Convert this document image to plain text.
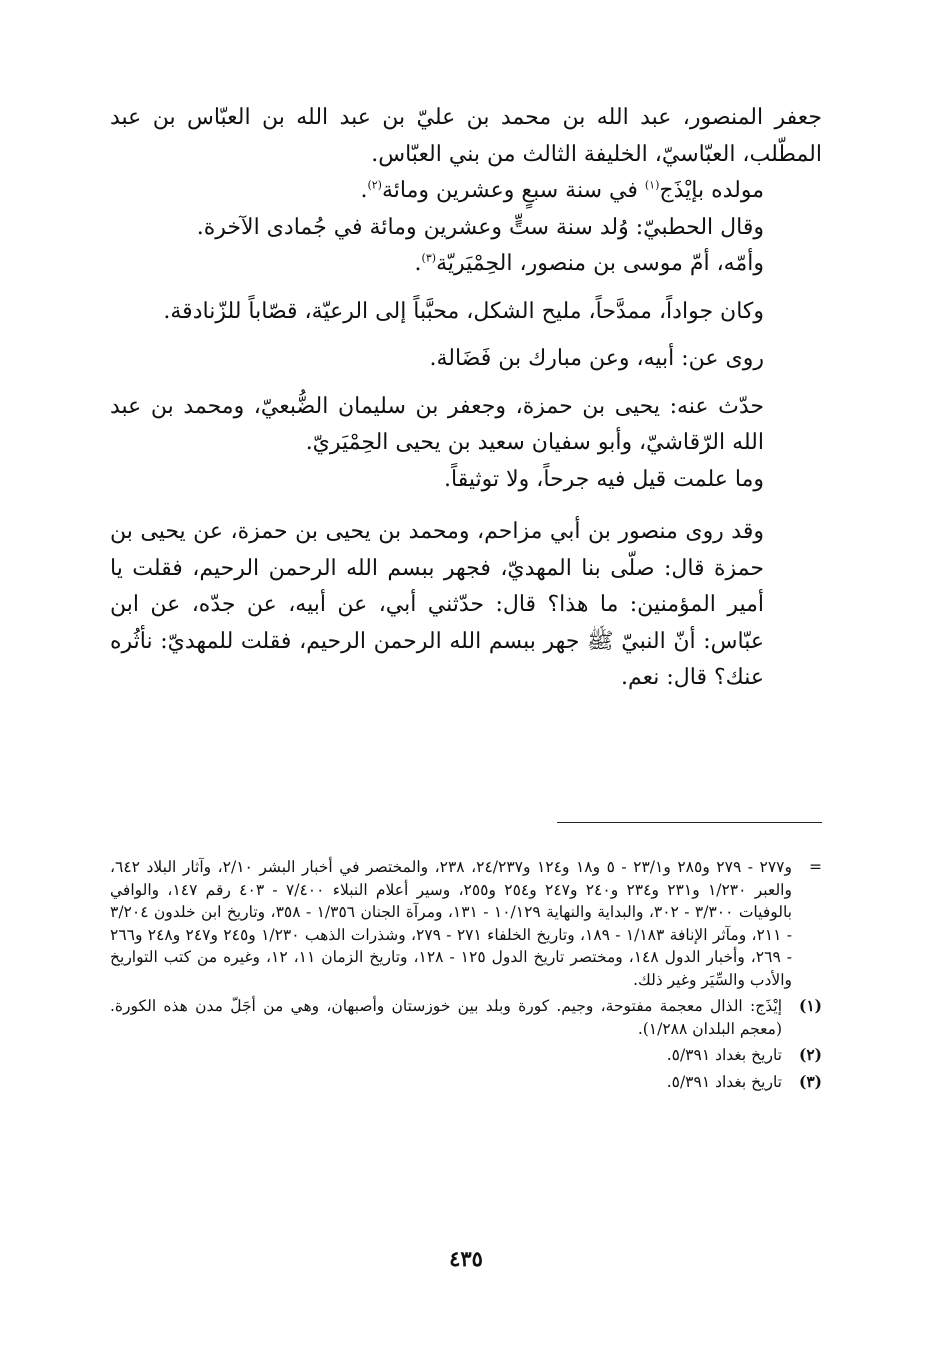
جعفر المنصور، عبد الله بن محمد بن عليّ بن عبد الله بن العبّاس بن عبد المطّلب، العبّاسيّ، الخليفة الثالث من بني العبّاس.

مولده بإيْذَج$^{(١)}$ في سنة سبعٍ وعشرين ومائة$^{(٢)}$.

وقال الحطبيّ: وُلد سنة ستٍّ وعشرين ومائة في جُمادى الآخرة.

وأمّه، أمّ موسى بن منصور، الحِمْيَريّة$^{(٣)}$.

وكان جواداً، ممدَّحاً، مليح الشكل، محبَّباً إلى الرعيّة، قصّاباً للزّنادقة.

روى عن: أبيه، وعن مبارك بن فَضَالة.

حدّث عنه: يحيى بن حمزة، وجعفر بن سليمان الضُّبعيّ، ومحمد بن عبد الله الرّقاشيّ، وأبو سفيان سعيد بن يحيى الحِمْيَريّ.

وما علمت قيل فيه جرحاً، ولا توثيقاً.

وقد روى منصور بن أبي مزاحم، ومحمد بن يحيى بن حمزة، عن يحيى بن حمزة قال: صلّى بنا المهديّ، فجهر ببسم الله الرحمن الرحيم، فقلت يا أمير المؤمنين: ما هذا؟ قال: حدّثني أبي، عن أبيه، عن جدّه، عن ابن عبّاس: أنّ النبيّ ﷺ جهر ببسم الله الرحمن الرحيم، فقلت للمهديّ: نأثُره عنك؟ قال: نعم.

=
و٢٧٧ - ٢٧٩ و٢٨٥ و٢٣/١ - ٥ و١٨ و١٢٤ و٢٤/٢٣٧، ٢٣٨، والمختصر في أخبار البشر ٢/١٠، وآثار البلاد ٦٤٢، والعبر ١/٢٣٠ و٢٣١ و٢٣٤ و٢٤٠ و٢٤٧ و٢٥٤ و٢٥٥، وسير أعلام النبلاء ٧/٤٠٠ - ٤٠٣ رقم ١٤٧، والوافي بالوفيات ٣/٣٠٠ - ٣٠٢، والبداية والنهاية ١٠/١٢٩ - ١٣١، ومرآة الجنان ١/٣٥٦ - ٣٥٨، وتاريخ ابن خلدون ٣/٢٠٤ - ٢١١، ومآثر الإنافة ١/١٨٣ - ١٨٩، وتاريخ الخلفاء ٢٧١ - ٢٧٩، وشذرات الذهب ١/٢٣٠ و٢٤٥ و٢٤٧ و٢٤٨ و٢٦٦ - ٢٦٩، وأخبار الدول ١٤٨، ومختصر تاريخ الدول ١٢٥ - ١٢٨، وتاريخ الزمان ١١، ١٢، وغيره من كتب التواريخ والأدب والسِّيَر وغير ذلك.
(١)
إيْذَج: الذال معجمة مفتوحة، وجيم. كورة وبلد بين خوزستان وأصبهان، وهي من أجَلّ مدن هذه الكورة. (معجم البلدان ١/٢٨٨).
(٢)
تاريخ بغداد ٥/٣٩١.
(٣)
تاريخ بغداد ٥/٣٩١.
٤٣٥
